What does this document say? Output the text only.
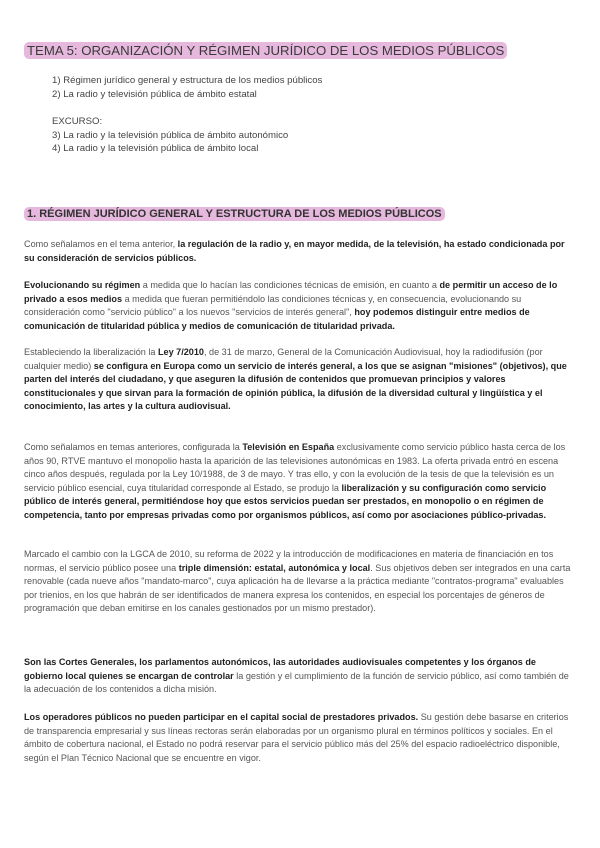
TEMA 5: ORGANIZACIÓN Y RÉGIMEN JURÍDICO DE LOS MEDIOS PÚBLICOS
1) Régimen jurídico general y estructura de los medios públicos
2) La radio y televisión pública de ámbito estatal
EXCURSO:
3) La radio y la televisión pública de ámbito autonómico
4) La radio y la televisión pública de ámbito local
1. RÉGIMEN JURÍDICO GENERAL Y ESTRUCTURA DE LOS MEDIOS PÚBLICOS

Como señalamos en el tema anterior, la regulación de la radio y, en mayor medida, de la televisión, ha estado condicionada por su consideración de servicios públicos.

Evolucionando su régimen a medida que lo hacían las condiciones técnicas de emisión, en cuanto a de permitir un acceso de lo privado a esos medios a medida que fueran permitiéndolo las condiciones técnicas y, en consecuencia, evolucionando su consideración como "servicio público" a los nuevos "servicios de interés general", hoy podemos distinguir entre medios de comunicación de titularidad pública y medios de comunicación de titularidad privada.

Estableciendo la liberalización la Ley 7/2010, de 31 de marzo, General de la Comunicación Audiovisual, hoy la radiodifusión (por cualquier medio) se configura en Europa como un servicio de interés general, a los que se asignan "misiones" (objetivos), que parten del interés del ciudadano, y que aseguren la difusión de contenidos que promuevan principios y valores constitucionales y que sirvan para la formación de opinión pública, la difusión de la diversidad cultural y lingüística y el conocimiento, las artes y la cultura audiovisual.

Como señalamos en temas anteriores, configurada la Televisión en España exclusivamente como servicio público hasta cerca de los años 90, RTVE mantuvo el monopolio hasta la aparición de las televisiones autonómicas en 1983. La oferta privada entró en escena cinco años después, regulada por la Ley 10/1988, de 3 de mayo. Y tras ello, y con la evolución de la tesis de que la televisión es un servicio público esencial, cuya titularidad corresponde al Estado, se produjo la liberalización y su configuración como servicio público de interés general, permitiéndose hoy que estos servicios puedan ser prestados, en monopolio o en régimen de competencia, tanto por empresas privadas como por organismos públicos, así como por asociaciones público-privadas.

Marcado el cambio con la LGCA de 2010, su reforma de 2022 y la introducción de modificaciones en materia de financiación en tos normas, el servicio público posee una triple dimensión: estatal, autonómica y local. Sus objetivos deben ser integrados en una carta renovable (cada nueve años "mandato-marco", cuya aplicación ha de llevarse a la práctica mediante "contratos-programa" evaluables por trienios, en los que habrán de ser identificados de manera expresa los contenidos, en especial los porcentajes de géneros de programación que deban emitirse en los canales gestionados por un mismo prestador).

Son las Cortes Generales, los parlamentos autonómicos, las autoridades audiovisuales competentes y los órganos de gobierno local quienes se encargan de controlar la gestión y el cumplimiento de la función de servicio público, así como también de la adecuación de los contenidos a dicha misión.

Los operadores públicos no pueden participar en el capital social de prestadores privados. Su gestión debe basarse en criterios de transparencia empresarial y sus líneas rectoras serán elaboradas por un organismo plural en términos políticos y sociales. En el ámbito de cobertura nacional, el Estado no podrá reservar para el servicio público más del 25% del espacio radioeléctrico disponible, según el Plan Técnico Nacional que se encuentre en vigor.
